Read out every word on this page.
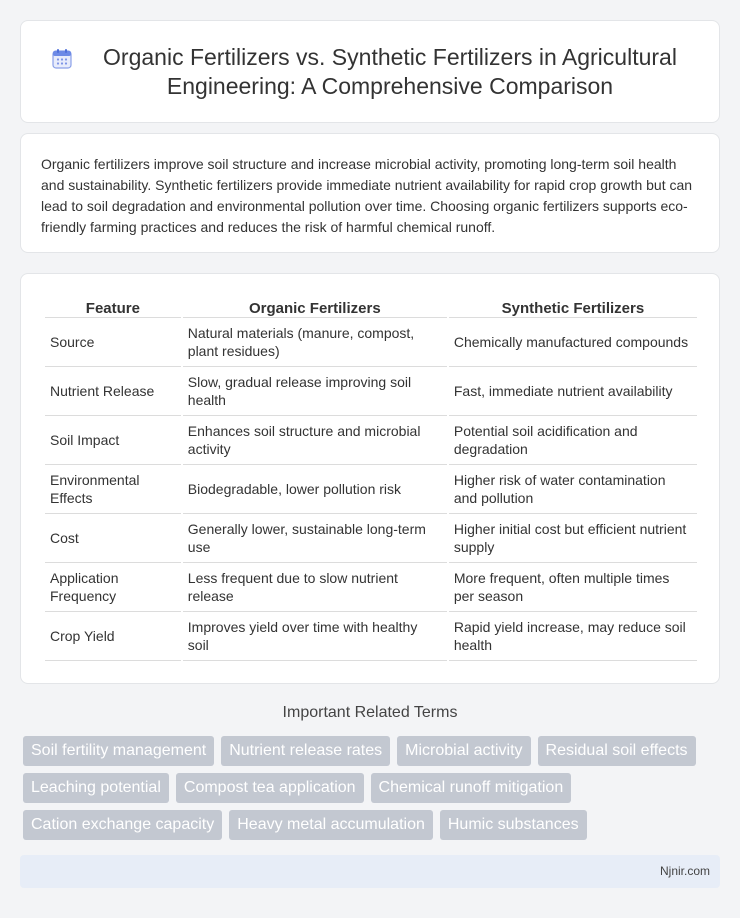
Organic Fertilizers vs. Synthetic Fertilizers in Agricultural Engineering: A Comprehensive Comparison

Organic fertilizers improve soil structure and increase microbial activity, promoting long-term soil health and sustainability. Synthetic fertilizers provide immediate nutrient availability for rapid crop growth but can lead to soil degradation and environmental pollution over time. Choosing organic fertilizers supports eco-friendly farming practices and reduces the risk of harmful chemical runoff.

Feature	Organic Fertilizers	Synthetic Fertilizers
Source	Natural materials (manure, compost, plant residues)	Chemically manufactured compounds
Nutrient Release	Slow, gradual release improving soil health	Fast, immediate nutrient availability
Soil Impact	Enhances soil structure and microbial activity	Potential soil acidification and degradation
Environmental Effects	Biodegradable, lower pollution risk	Higher risk of water contamination and pollution
Cost	Generally lower, sustainable long-term use	Higher initial cost but efficient nutrient supply
Application Frequency	Less frequent due to slow nutrient release	More frequent, often multiple times per season
Crop Yield	Improves yield over time with healthy soil	Rapid yield increase, may reduce soil health
Important Related Terms
Soil fertility management	Nutrient release rates	Microbial activity	Residual soil effects
Leaching potential	Compost tea application	Chemical runoff mitigation
Cation exchange capacity	Heavy metal accumulation	Humic substances
Njnir.com
